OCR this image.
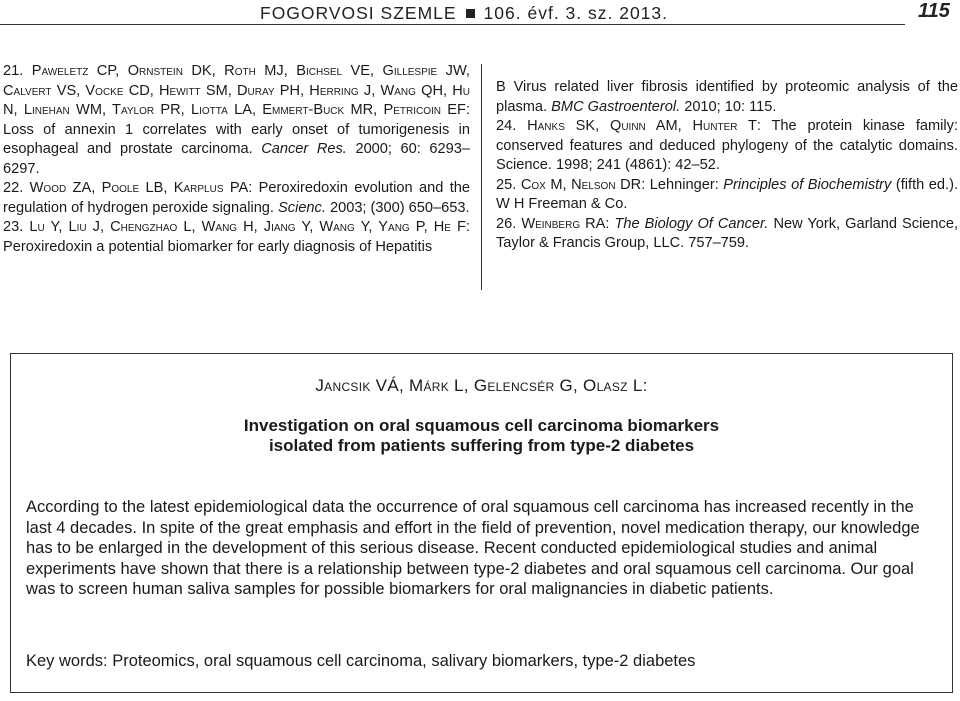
FOGORVOSI SZEMLE 106. évf. 3. sz. 2013.	115

21. Paweletz CP, Ornstein DK, Roth MJ, Bichsel VE, Gillespie JW, Calvert VS, Vocke CD, Hewitt SM, Duray PH, Herring J, Wang QH, Hu N, Linehan WM, Taylor PR, Liotta LA, Emmert-Buck MR, Petricoin EF: Loss of annexin 1 correlates with early onset of tumorigenesis in esophageal and prostate carcinoma. Cancer Res. 2000; 60: 6293–6297.

22. Wood ZA, Poole LB, Karplus PA: Peroxiredoxin evolution and the regulation of hydrogen peroxide signaling. Scienc. 2003; (300) 650–653.

23. Lu Y, Liu J, Chengzhao L, Wang H, Jiang Y, Wang Y, Yang P, He F: Peroxiredoxin a potential biomarker for early diagnosis of Hepatitis

B Virus related liver fibrosis identified by proteomic analysis of the plasma. BMC Gastroenterol. 2010; 10: 115.

24. Hanks SK, Quinn AM, Hunter T: The protein kinase family: conserved features and deduced phylogeny of the catalytic domains. Science. 1998; 241 (4861): 42–52.

25. Cox M, Nelson DR: Lehninger: Principles of Biochemistry (fifth ed.). W H Freeman & Co.

26. Weinberg RA: The Biology Of Cancer. New York, Garland Science, Taylor & Francis Group, LLC. 757–759.

Jancsik VÁ, Márk L, Gelencsér G, Olasz L:
Investigation on oral squamous cell carcinoma biomarkers
isolated from patients suffering from type-2 diabetes
According to the latest epidemiological data the occurrence of oral squamous cell carcinoma has increased recently in the last 4 decades. In spite of the great emphasis and effort in the field of prevention, novel medication therapy, our knowledge has to be enlarged in the development of this serious disease. Recent conducted epidemiological studies and animal experiments have shown that there is a relationship between type-2 diabetes and oral squamous cell carcinoma. Our goal was to screen human saliva samples for possible biomarkers for oral malignancies in diabetic patients.
Key words: Proteomics, oral squamous cell carcinoma, salivary biomarkers, type-2 diabetes
